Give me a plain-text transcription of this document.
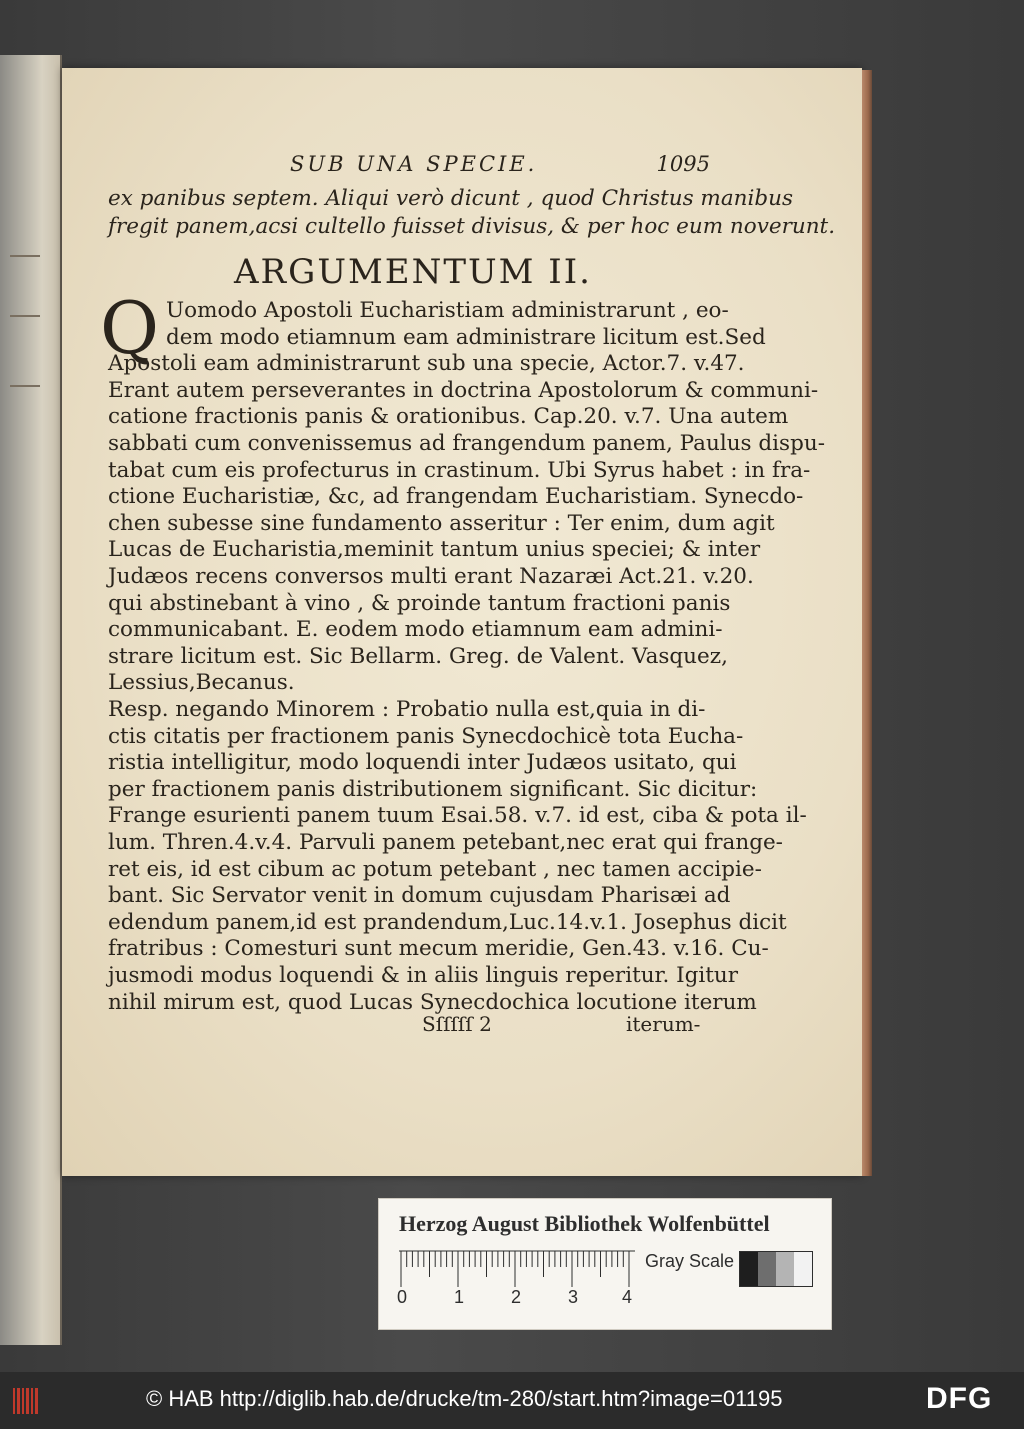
SUB UNA SPECIE.	1095
ex panibus septem. Aliqui verò dicunt , quod Christus manibus
fregit panem,acsi cultello fuisset divisus, & per hoc eum noverunt.
ARGUMENTUM II.
Q Uomodo Apostoli Eucharistiam administrarunt , eo-
dem modo etiamnum eam administrare licitum est.Sed
Apostoli eam administrarunt sub una specie, Actor.7. v.47.
Erant autem perseverantes in doctrina Apostolorum & communi-
catione fractionis panis & orationibus. Cap.20. v.7. Una autem
sabbati cum convenissemus ad frangendum panem, Paulus dispu-
tabat cum eis profecturus in crastinum. Ubi Syrus habet : in fra-
ctione Eucharistiæ, &c, ad frangendam Eucharistiam. Synecdo-
chen subesse sine fundamento asseritur : Ter enim, dum agit
Lucas de Eucharistia,meminit tantum unius speciei; & inter
Judæos recens conversos multi erant Nazaræi Act.21. v.20.
qui abstinebant à vino , & proinde tantum fractioni panis
communicabant. E. eodem modo etiamnum eam admini-
strare licitum est. Sic Bellarm. Greg. de Valent. Vasquez,
Lessius,Becanus.
Resp. negando Minorem : Probatio nulla est,quia in di-
ctis citatis per fractionem panis Synecdochicè tota Eucha-
ristia intelligitur, modo loquendi inter Judæos usitato, qui
per fractionem panis distributionem significant. Sic dicitur:
Frange esurienti panem tuum Esai.58. v.7. id est, ciba & pota il-
lum. Thren.4.v.4. Parvuli panem petebant,nec erat qui frange-
ret eis, id est cibum ac potum petebant , nec tamen accipie-
bant. Sic Servator venit in domum cujusdam Pharisæi ad
edendum panem,id est prandendum,Luc.14.v.1. Josephus dicit
fratribus : Comesturi sunt mecum meridie, Gen.43. v.16. Cu-
jusmodi modus loquendi & in aliis linguis reperitur. Igitur
nihil mirum est, quod Lucas Synecdochica locutione iterum
Sſſſſſ 2	iterum-
Herzog August Bibliothek Wolfenbüttel
0	1	2	3 4
Gray Scale
© HAB http://diglib.hab.de/drucke/tm-280/start.htm?image=01195	DFG
